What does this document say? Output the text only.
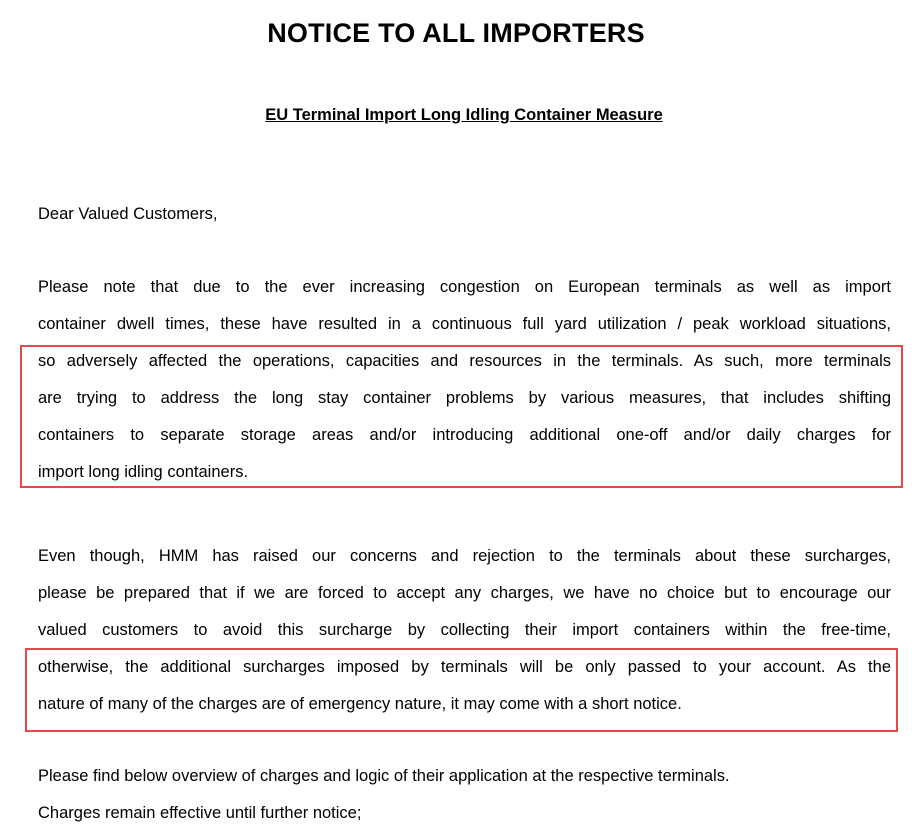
NOTICE TO ALL IMPORTERS
EU Terminal Import Long Idling Container Measure
Dear Valued Customers,
Please note that due to the ever increasing congestion on European terminals as well as import
container dwell times, these have resulted in a continuous full yard utilization / peak workload situations,
so adversely affected the operations, capacities and resources in the terminals. As such, more terminals
are trying to address the long stay container problems by various measures, that includes shifting
containers to separate storage areas and/or introducing additional one-off and/or daily charges for
import long idling containers.
Even though, HMM has raised our concerns and rejection to the terminals about these surcharges,
please be prepared that if we are forced to accept any charges, we have no choice but to encourage our
valued customers to avoid this surcharge by collecting their import containers within the free-time,
otherwise, the additional surcharges imposed by terminals will be only passed to your account. As the
nature of many of the charges are of emergency nature, it may come with a short notice.
Please find below overview of charges and logic of their application at the respective terminals.
Charges remain effective until further notice;
